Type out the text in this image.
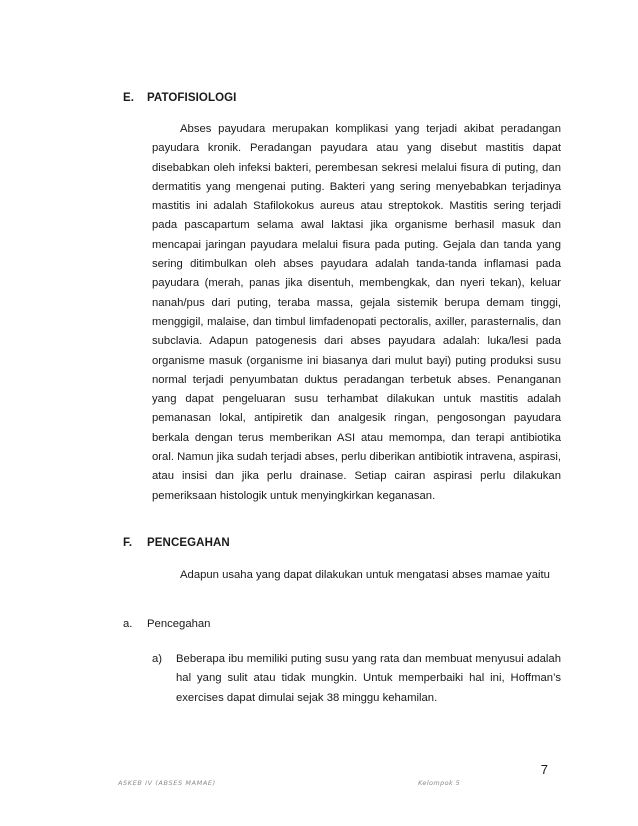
E. PATOFISIOLOGI

Abses payudara merupakan komplikasi yang terjadi akibat peradangan payudara kronik. Peradangan payudara atau yang disebut mastitis dapat disebabkan oleh infeksi bakteri, perembesan sekresi melalui fisura di puting, dan dermatitis yang mengenai puting. Bakteri yang sering menyebabkan terjadinya mastitis ini adalah Stafilokokus aureus atau streptokok. Mastitis sering terjadi pada pascapartum selama awal laktasi jika organisme berhasil masuk dan mencapai jaringan payudara melalui fisura pada puting. Gejala dan tanda yang sering ditimbulkan oleh abses payudara adalah tanda-tanda inflamasi pada payudara (merah, panas jika disentuh, membengkak, dan nyeri tekan), keluar nanah/pus dari puting, teraba massa, gejala sistemik berupa demam tinggi, menggigil, malaise, dan timbul limfadenopati pectoralis, axiller, parasternalis, dan subclavia. Adapun patogenesis dari abses payudara adalah: luka/lesi pada organisme masuk (organisme ini biasanya dari mulut bayi) puting produksi susu normal terjadi penyumbatan duktus peradangan terbetuk abses. Penanganan yang dapat pengeluaran susu terhambat dilakukan untuk mastitis adalah pemanasan lokal, antipiretik dan analgesik ringan, pengosongan payudara berkala dengan terus memberikan ASI atau memompa, dan terapi antibiotika oral. Namun jika sudah terjadi abses, perlu diberikan antibiotik intravena, aspirasi, atau insisi dan jika perlu drainase. Setiap cairan aspirasi perlu dilakukan pemeriksaan histologik untuk menyingkirkan keganasan.

F. PENCEGAHAN

Adapun usaha yang dapat dilakukan untuk mengatasi abses mamae yaitu

a. Pencegahan
a) Beberapa ibu memiliki puting susu yang rata dan membuat menyusui adalah hal yang sulit atau tidak mungkin. Untuk memperbaiki hal ini, Hoffman’s exercises dapat dimulai sejak 38 minggu kehamilan.
7
ASKEB IV (ABSES MAMAE)	Kelompok 5
